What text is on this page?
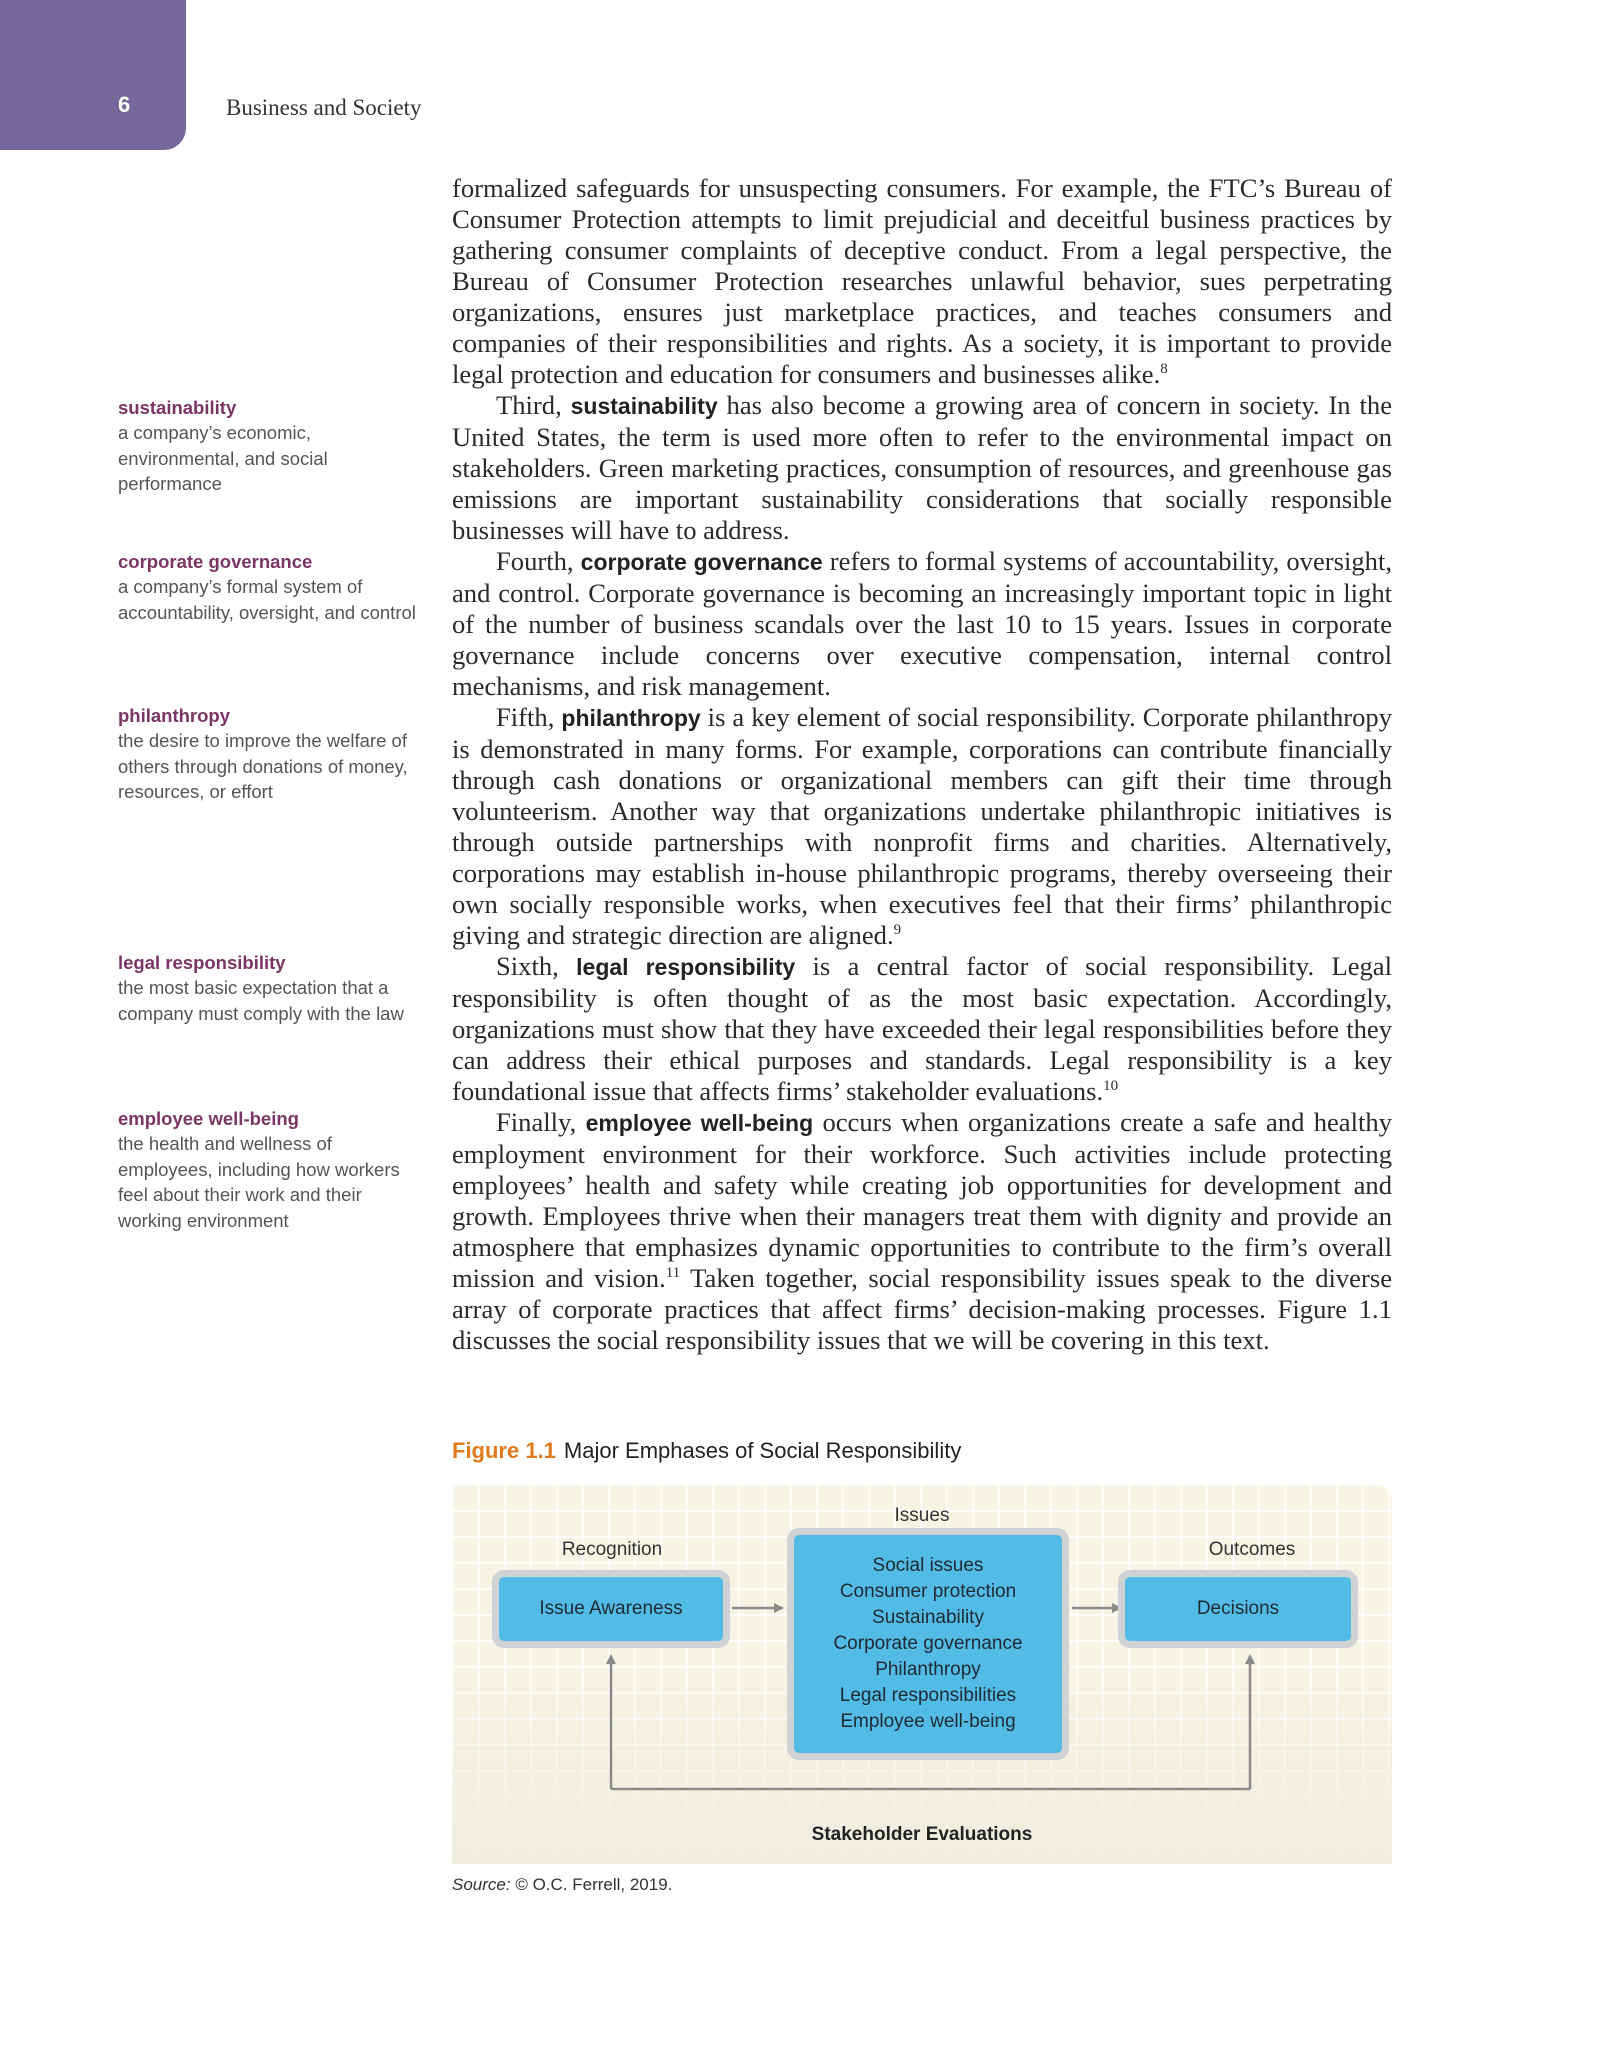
6	Business and Society
sustainability
a company’s economic, environmental, and social performance
corporate governance
a company’s formal system of accountability, oversight, and control
philanthropy
the desire to improve the welfare of others through donations of money, resources, or effort
legal responsibility
the most basic expectation that a company must comply with the law
employee well-being
the health and wellness of employees, including how workers feel about their work and their working environment

formalized safeguards for unsuspecting consumers. For example, the FTC’s Bureau of Consumer Protection attempts to limit prejudicial and deceitful business practices by gathering consumer complaints of deceptive conduct. From a legal perspective, the Bureau of Consumer Protection researches unlawful behavior, sues perpetrating organizations, ensures just marketplace practices, and teaches consumers and companies of their responsibilities and rights. As a society, it is important to provide legal protection and education for consumers and businesses alike.$^8$

Third, sustainability has also become a growing area of concern in society. In the United States, the term is used more often to refer to the environmental impact on stakeholders. Green marketing practices, consumption of resources, and greenhouse gas emissions are important sustainability considerations that socially responsible businesses will have to address.

Fourth, corporate governance refers to formal systems of accountability, oversight, and control. Corporate governance is becoming an increasingly important topic in light of the number of business scandals over the last 10 to 15 years. Issues in corporate governance include concerns over executive compensation, internal control mechanisms, and risk management.

Fifth, philanthropy is a key element of social responsibility. Corporate philanthropy is demonstrated in many forms. For example, corporations can contribute financially through cash donations or organizational members can gift their time through volunteerism. Another way that organizations undertake philanthropic initiatives is through outside partnerships with nonprofit firms and charities. Alternatively, corporations may establish in-house philanthropic programs, thereby overseeing their own socially responsible works, when executives feel that their firms’ philanthropic giving and strategic direction are aligned.$^9$

Sixth, legal responsibility is a central factor of social responsibility. Legal responsibility is often thought of as the most basic expectation. Accordingly, organizations must show that they have exceeded their legal responsibilities before they can address their ethical purposes and standards. Legal responsibility is a key foundational issue that affects firms’ stakeholder evaluations.$^{10}$

Finally, employee well-being occurs when organizations create a safe and healthy employment environment for their workforce. Such activities include protecting employees’ health and safety while creating job opportunities for development and growth. Employees thrive when their managers treat them with dignity and provide an atmosphere that emphasizes dynamic opportunities to contribute to the firm’s overall mission and vision.$^{11}$ Taken together, social responsibility issues speak to the diverse array of corporate practices that affect firms’ decision-making processes. Figure 1.1 discusses the social responsibility issues that we will be covering in this text.

Figure 1.1 Major Emphases of Social Responsibility
Recognition
Issues
Outcomes
Issue Awareness
Social issues
Consumer protection
Sustainability
Corporate governance
Philanthropy
Legal responsibilities
Employee well-being
Decisions
Stakeholder Evaluations
Source: © O.C. Ferrell, 2019.
